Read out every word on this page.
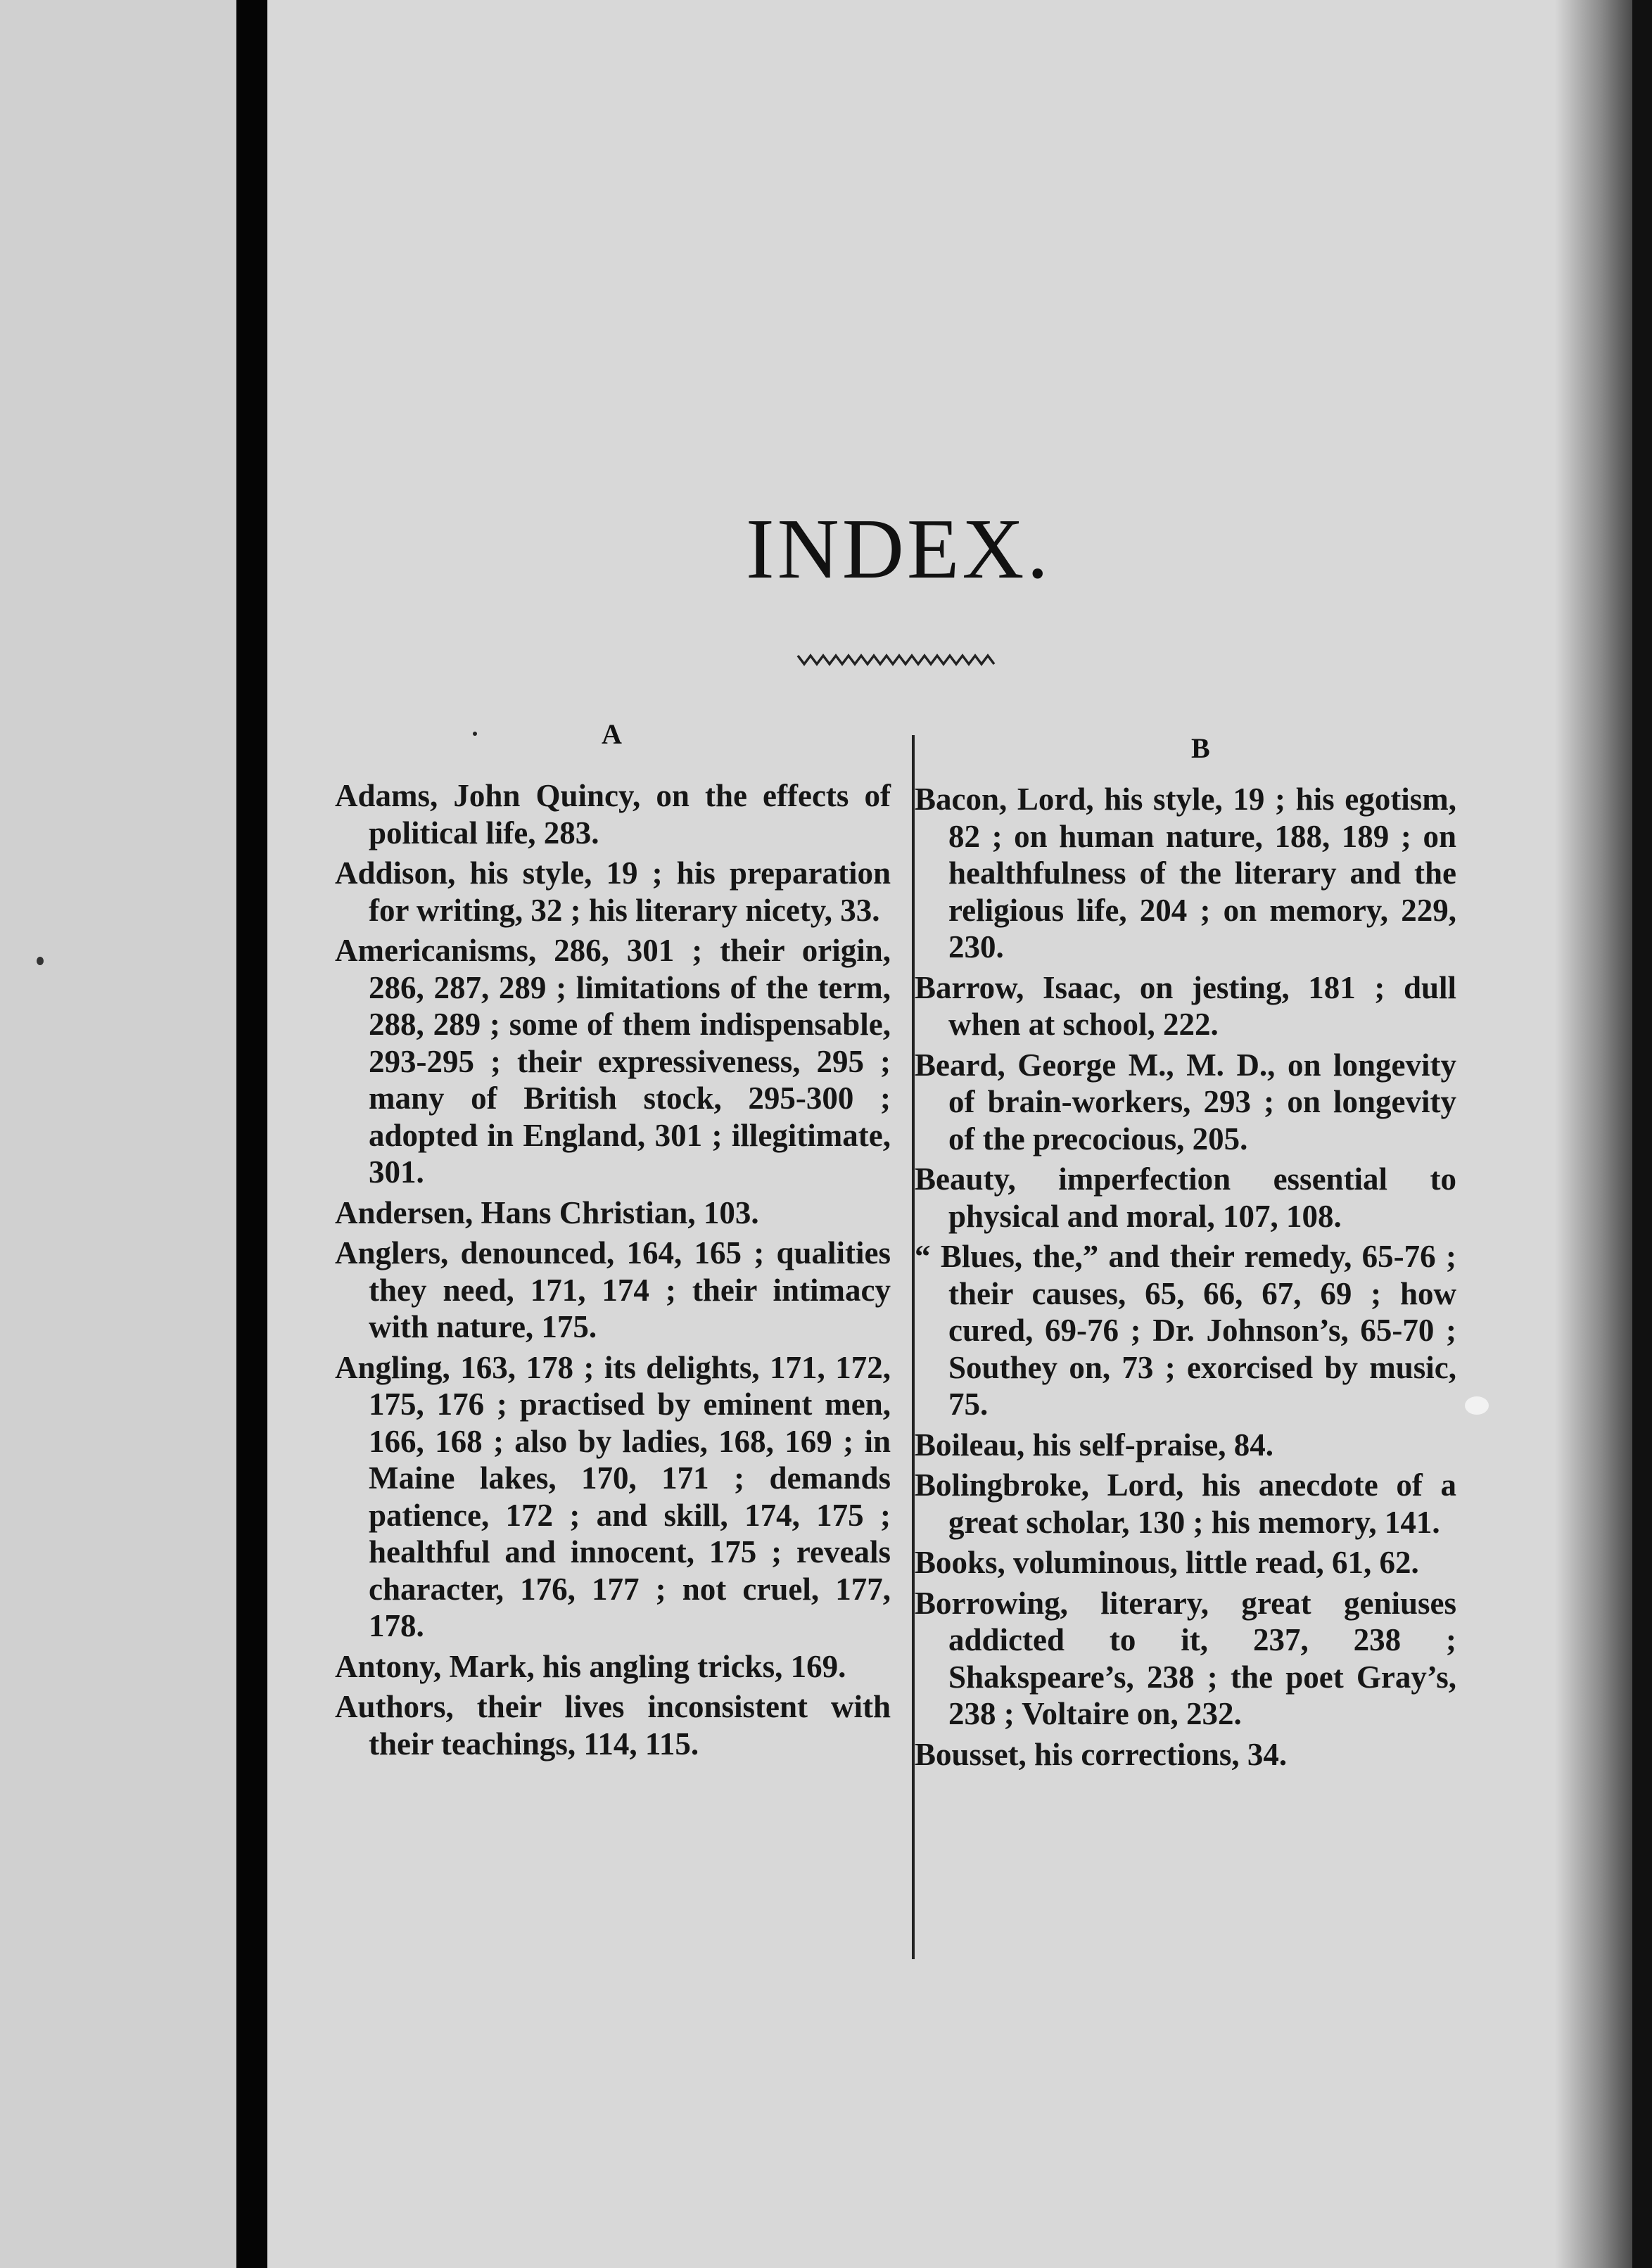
INDEX.
A	B

Adams, John Quincy, on the effects of political life, 283.

Addison, his style, 19 ; his preparation for writing, 32 ; his literary nicety, 33.

Americanisms, 286, 301 ; their origin, 286, 287, 289 ; limitations of the term, 288, 289 ; some of them indispensable, 293-295 ; their expressiveness, 295 ; many of British stock, 295-300 ; adopted in England, 301 ; illegitimate, 301.

Andersen, Hans Christian, 103.

Anglers, denounced, 164, 165 ; qualities they need, 171, 174 ; their intimacy with nature, 175.

Angling, 163, 178 ; its delights, 171, 172, 175, 176 ; practised by eminent men, 166, 168 ; also by ladies, 168, 169 ; in Maine lakes, 170, 171 ; demands patience, 172 ; and skill, 174, 175 ; healthful and innocent, 175 ; reveals character, 176, 177 ; not cruel, 177, 178.

Antony, Mark, his angling tricks, 169.

Authors, their lives inconsistent with their teachings, 114, 115.

Bacon, Lord, his style, 19 ; his egotism, 82 ; on human nature, 188, 189 ; on healthfulness of the literary and the religious life, 204 ; on memory, 229, 230.

Barrow, Isaac, on jesting, 181 ; dull when at school, 222.

Beard, George M., M. D., on longevity of brain-workers, 293 ; on longevity of the precocious, 205.

Beauty, imperfection essential to physical and moral, 107, 108.

“ Blues, the,” and their remedy, 65-76 ; their causes, 65, 66, 67, 69 ; how cured, 69-76 ; Dr. Johnson’s, 65-70 ; Southey on, 73 ; exorcised by music, 75.

Boileau, his self-praise, 84.

Bolingbroke, Lord, his anecdote of a great scholar, 130 ; his memory, 141.

Books, voluminous, little read, 61, 62.

Borrowing, literary, great geniuses addicted to it, 237, 238 ; Shakspeare’s, 238 ; the poet Gray’s, 238 ; Voltaire on, 232.

Bousset, his corrections, 34.
